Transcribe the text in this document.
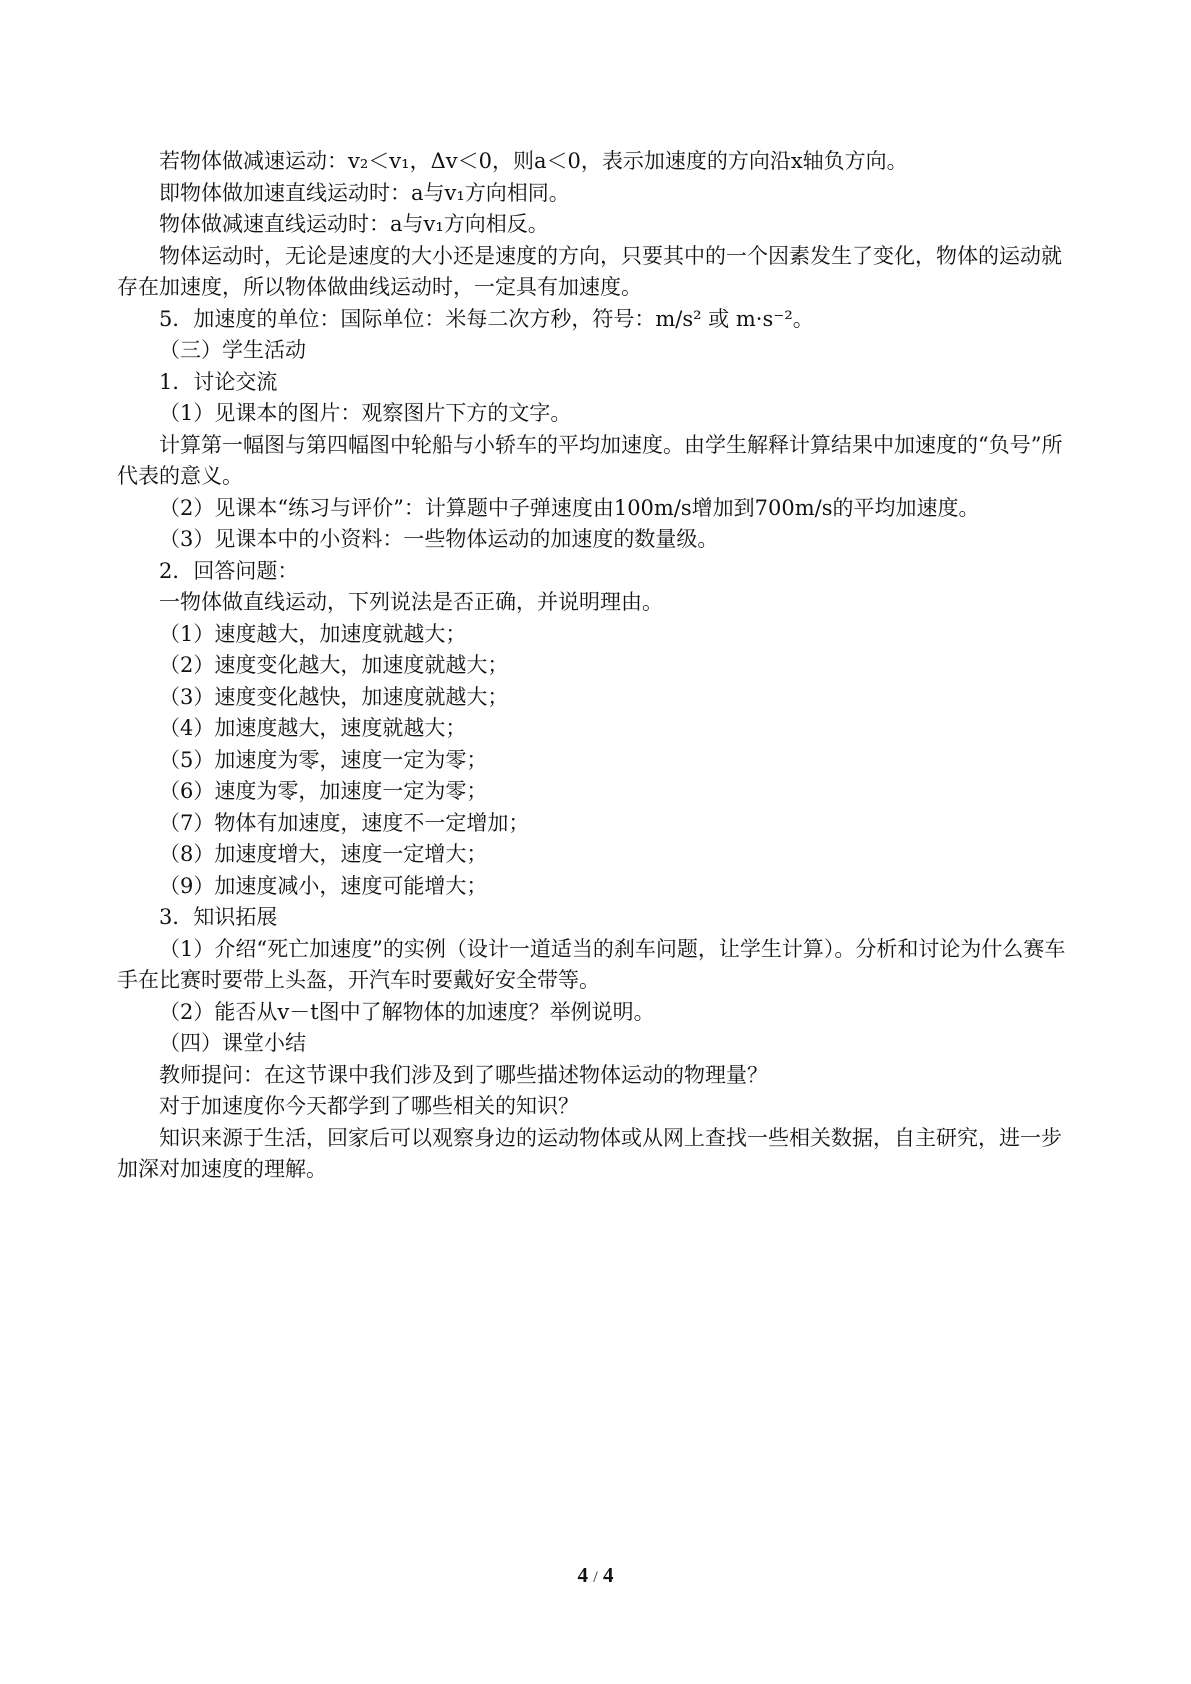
若物体做减速运动：v₂＜v₁，Δv＜0，则a＜0，表示加速度的方向沿x轴负方向。

即物体做加速直线运动时：a与v₁方向相同。

物体做减速直线运动时：a与v₁方向相反。

物体运动时，无论是速度的大小还是速度的方向，只要其中的一个因素发生了变化，物体的运动就存在加速度，所以物体做曲线运动时，一定具有加速度。

5．加速度的单位：国际单位：米每二次方秒，符号：m/s² 或 m·s⁻²。

（三）学生活动

1．讨论交流

（1）见课本的图片：观察图片下方的文字。

计算第一幅图与第四幅图中轮船与小轿车的平均加速度。由学生解释计算结果中加速度的“负号”所代表的意义。

（2）见课本“练习与评价”：计算题中子弹速度由100m/s增加到700m/s的平均加速度。

（3）见课本中的小资料：一些物体运动的加速度的数量级。

2．回答问题：

一物体做直线运动，下列说法是否正确，并说明理由。

（1）速度越大，加速度就越大；

（2）速度变化越大，加速度就越大；

（3）速度变化越快，加速度就越大；

（4）加速度越大，速度就越大；

（5）加速度为零，速度一定为零；

（6）速度为零，加速度一定为零；

（7）物体有加速度，速度不一定增加；

（8）加速度增大，速度一定增大；

（9）加速度减小，速度可能增大；

3．知识拓展

（1）介绍“死亡加速度”的实例（设计一道适当的刹车问题，让学生计算）。分析和讨论为什么赛车手在比赛时要带上头盔，开汽车时要戴好安全带等。

（2）能否从v－t图中了解物体的加速度？举例说明。

（四）课堂小结

教师提问：在这节课中我们涉及到了哪些描述物体运动的物理量？

对于加速度你今天都学到了哪些相关的知识？

知识来源于生活，回家后可以观察身边的运动物体或从网上查找一些相关数据，自主研究，进一步加深对加速度的理解。

4 / 4
